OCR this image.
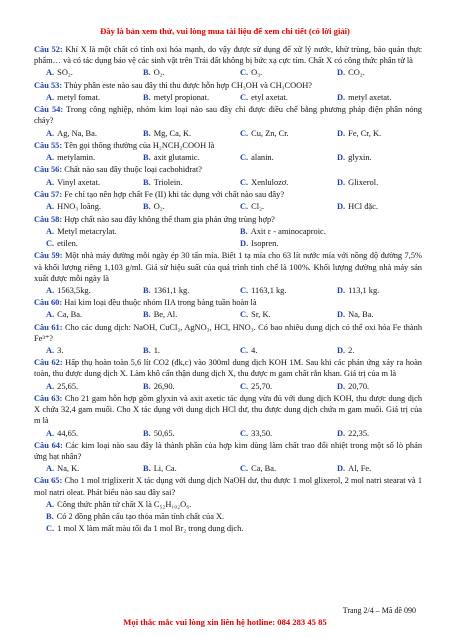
Đây là bản xem thử, vui lòng mua tài liệu để xem chi tiết (có lời giải)
Câu 52: Khí X là một chất có tính oxi hóa mạnh, do vậy được sử dụng để xử lý nước, khử trùng, bảo quản thực phẩm… và có tác dụng bảo vệ các sinh vật trên Trái đất không bị bức xạ cực tím. Chất X có công thức phân tử là
A. SO₂.	B. O₂.	C. O₃.	D. CO₂.
Câu 53: Thủy phân este nào sau đây thì thu được hỗn hợp CH₃OH và CH₃COOH?
A. metyl fomat.	B. metyl propionat.	C. etyl axetat.	D. metyl axetat.
Câu 54: Trong công nghiệp, nhóm kim loại nào sau đây chỉ được điều chế bằng phương pháp điện phân nóng chảy?
A. Ag, Na, Ba.	B. Mg, Ca, K.	C. Cu, Zn, Cr.	D. Fe, Cr, K.
Câu 55: Tên gọi thông thường của H₂NCH₂COOH là
A. metylamin.	B. axit glutamic.	C. alanin.	D. glyxin.
Câu 56: Chất nào sau đây thuộc loại cacbohiđrat?
A. Vinyl axetat.	B. Triolein.	C. Xenlulozơ.	D. Glixerol.
Câu 57: Fe chỉ tạo nên hợp chất Fe (II) khi tác dụng với chất nào sau đây?
A. HNO₃ loãng.	B. O₂.	C. Cl₂.	D. HCl đặc.
Câu 58: Hợp chất nào sau đây không thể tham gia phản ứng trùng hợp?
A. Metyl metacrylat.	B. Axit ε - aminocaproic.
C. etilen.	D. Isopren.
Câu 59: Một nhà máy đường mỗi ngày ép 30 tấn mía. Biết 1 tạ mía cho 63 lít nước mía với nồng độ đường 7,5% và khối lượng riêng 1,103 g/ml. Giả sử hiệu suất của quá trình tinh chế là 100%. Khối lượng đường nhà máy sản xuất được mỗi ngày là
A. 1563,5kg.	B. 1361,1 kg.	C. 1163,1 kg.	D. 113,1 kg.
Câu 60: Hai kim loại đều thuộc nhóm IIA trong bảng tuần hoàn là
A. Ca, Ba.	B. Be, Al.	C. Sr, K.	D. Na, Ba.
Câu 61: Cho các dung dịch: NaOH, CuCl₂, AgNO₃, HCl, HNO₃. Có bao nhiêu dung dịch có thể oxi hóa Fe thành Fe³⁺?
A. 3.	B. 1.	C. 4.	D. 2.
Câu 62: Hấp thụ hoàn toàn 5,6 lít CO2 (đk,c) vào 300ml dung dịch KOH 1M. Sau khi các phản ứng xảy ra hoàn toàn, thu được dung dịch X. Làm khô cẩn thận dung dịch X, thu được m gam chất rắn khan. Giá trị của m là
A. 25,65.	B. 26,90.	C. 25,70.	D. 20,70.
Câu 63: Cho 21 gam hỗn hợp gồm glyxin và axit axetic tác dụng vừa đủ với dung dịch KOH, thu được dung dịch X chứa 32,4 gam muối. Cho X tác dụng với dung dịch HCl dư, thu được dung dịch chứa m gam muối. Giá trị của m là
A. 44,65.	B. 50,65.	C. 33,50.	D. 22,35.
Câu 64: Các kim loại nào sau đây là thành phần của hợp kim dùng làm chất trao đổi nhiệt trong một số lò phản ứng hạt nhân?
A. Na, K.	B. Li, Ca.	C. Ca, Ba.	D. Al, Fe.
Câu 65: Cho 1 mol triglixerit X tác dụng với dung dịch NaOH dư, thu được 1 mol glixerol, 2 mol natri stearat và 1 mol natri oleat. Phát biểu nào sau đây sai?
A. Công thức phân tử chất X là C₅₂H₁₀₂O₆.
B. Có 2 đồng phân cấu tạo thỏa mãn tính chất của X.
C. 1 mol X làm mất màu tối đa 1 mol Br₂ trong dung dịch.
Trang 2/4 – Mã đề 090
Mọi thắc mắc vui lòng xin liên hệ hotline: 084 283 45 85
